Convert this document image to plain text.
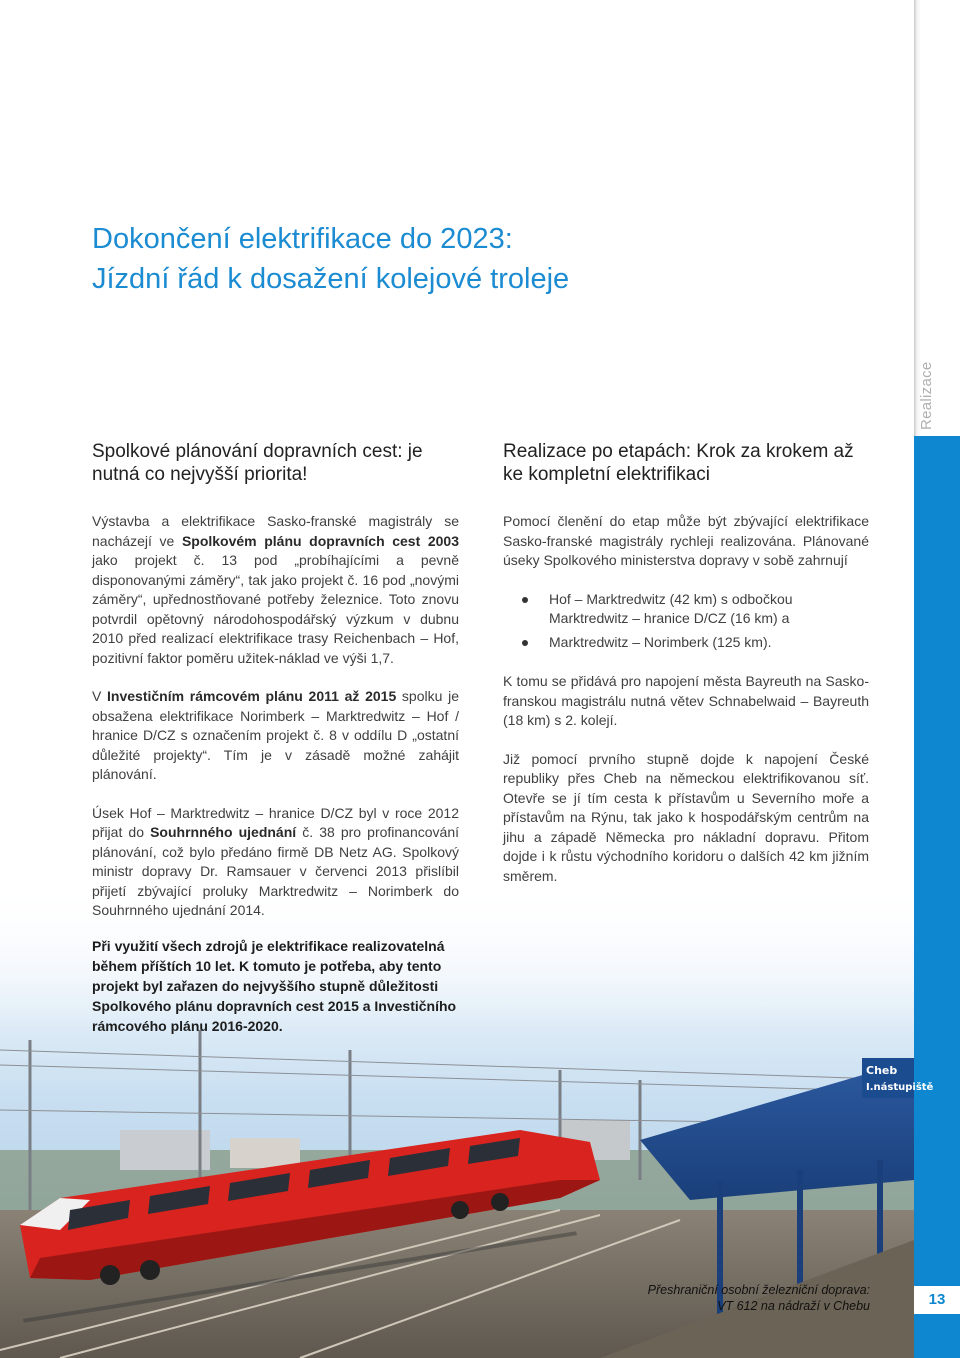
Dokončení elektrifikace do 2023:
Jízdní řád k dosažení kolejové troleje
Cheb
I.nástupiště
Spolkové plánování dopravních cest: je nutná co nejvyšší priorita!

Výstavba a elektrifikace Sasko-franské magistrály se nacházejí ve Spolkovém plánu dopravních cest 2003 jako projekt č. 13 pod „probíhajícími a pevně disponovanými záměry“, tak jako projekt č. 16 pod „novými záměry“, upřednostňované potřeby železnice. Toto znovu potvrdil opětovný národohospodářský výzkum v dubnu 2010 před realizací elektrifikace trasy Reichenbach – Hof, pozitivní faktor poměru užitek-náklad ve výši 1,7.

V Investičním rámcovém plánu 2011 až 2015 spolku je obsažena elektrifikace Norimberk – Marktredwitz – Hof / hranice D/CZ s označením projekt č. 8 v oddílu D „ostatní důležité projekty“. Tím je v zásadě možné zahájit plánování.

Úsek Hof – Marktredwitz – hranice D/CZ byl v roce 2012 přijat do Souhrnného ujednání č. 38 pro profinancování plánování, což bylo předáno firmě DB Netz AG. Spolkový ministr dopravy Dr. Ramsauer v červenci 2013 přislíbil přijetí zbývající proluky Marktredwitz – Norimberk do Souhrnného ujednání 2014.

Při využití všech zdrojů je elektrifikace realizovatelná během příštích 10 let. K tomuto je potřeba, aby tento projekt byl zařazen do nejvyššího stupně důležitosti Spolkového plánu dopravních cest 2015 a Investičního rámcového plánu 2016-2020.
Realizace po etapách: Krok za krokem až ke kompletní elektrifikaci

Pomocí členění do etap může být zbývající elektrifikace Sasko-franské magistrály rychleji realizována. Plánované úseky Spolkového ministerstva dopravy v sobě zahrnují

Hof – Marktredwitz (42 km) s odbočkou Marktredwitz – hranice D/CZ (16 km) a
Marktredwitz – Norimberk (125 km).

K tomu se přidává pro napojení města Bayreuth na Sasko-franskou magistrálu nutná větev Schnabelwaid – Bayreuth (18 km) s 2. kolejí.

Již pomocí prvního stupně dojde k napojení České republiky přes Cheb na německou elektrifikovanou síť. Otevře se jí tím cesta k přístavům u Severního moře a přístavům na Rýnu, tak jako k hospodářským centrům na jihu a západě Německa pro nákladní dopravu. Přitom dojde i k růstu východního koridoru o dalších 42 km jižním směrem.

Přeshraniční osobní železniční doprava:
VT 612 na nádraží v Chebu	13
